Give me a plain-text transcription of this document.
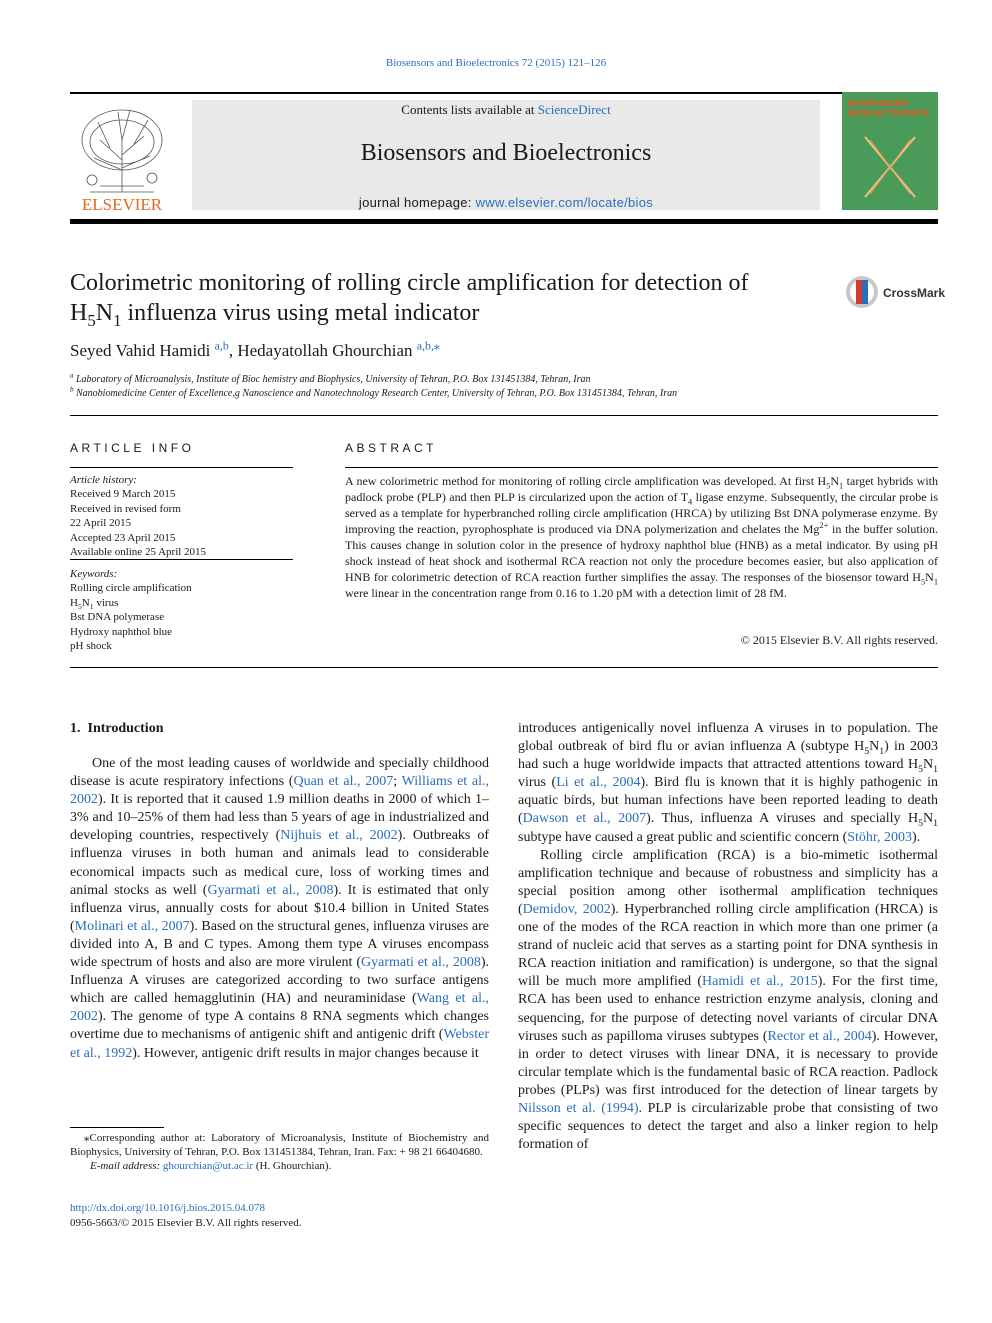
Biosensors and Bioelectronics 72 (2015) 121–126
ELSEVIER
Contents lists available at ScienceDirect
Biosensors and Bioelectronics
journal homepage: www.elsevier.com/locate/bios
BIOSENSORS BIOELECTRONICS
Colorimetric monitoring of rolling circle amplification for detection of
$H_5N_1$ influenza virus using metal indicator
CrossMark
Seyed Vahid Hamidi $^{a,b}$, Hedayatollah Ghourchian $^{a,b,⁎}$
$^a$ Laboratory of Microanalysis, Institute of Bioc hemistry and Biophysics, University of Tehran, P.O. Box 131451384, Tehran, Iran
$^b$ Nanobiomedicine Center of Excellence,g Nanoscience and Nanotechnology Research Center, University of Tehran, P.O. Box 131451384, Tehran, Iran
ARTICLE INFO
Article history:
Received 9 March 2015
Received in revised form
22 April 2015
Accepted 23 April 2015
Available online 25 April 2015
Keywords:
Rolling circle amplification
$H_5N_1$ virus
Bst DNA polymerase
Hydroxy naphthol blue
pH shock
ABSTRACT
A new colorimetric method for monitoring of rolling circle amplification was developed. At first $H_5N_1$ target hybrids with padlock probe (PLP) and then PLP is circularized upon the action of $T_4$ ligase enzyme. Subsequently, the circular probe is served as a template for hyperbranched rolling circle amplification (HRCA) by utilizing Bst DNA polymerase enzyme. By improving the reaction, pyrophosphate is produced via DNA polymerization and chelates the $Mg^{2+}$ in the buffer solution. This causes change in solution color in the presence of hydroxy naphthol blue (HNB) as a metal indicator. By using pH shock instead of heat shock and isothermal RCA reaction not only the procedure becomes easier, but also application of HNB for colorimetric detection of RCA reaction further simplifies the assay. The responses of the biosensor toward $H_5N_1$ were linear in the concentration range from 0.16 to 1.20 pM with a detection limit of 28 fM.
© 2015 Elsevier B.V. All rights reserved.
1. Introduction

One of the most leading causes of worldwide and specially childhood disease is acute respiratory infections (Quan et al., 2007; Williams et al., 2002). It is reported that it caused 1.9 million deaths in 2000 of which 1–3% and 10–25% of them had less than 5 years of age in industrialized and developing countries, respectively (Nijhuis et al., 2002). Outbreaks of influenza viruses in both human and animals lead to considerable economical impacts such as medical cure, loss of working times and animal stocks as well (Gyarmati et al., 2008). It is estimated that only influenza virus, annually costs for about $10.4 billion in United States (Molinari et al., 2007). Based on the structural genes, influenza viruses are divided into A, B and C types. Among them type A viruses encompass wide spectrum of hosts and also are more virulent (Gyarmati et al., 2008). Influenza A viruses are categorized according to two surface antigens which are called hemagglutinin (HA) and neuraminidase (Wang et al., 2002). The genome of type A contains 8 RNA segments which changes overtime due to mechanisms of antigenic shift and antigenic drift (Webster et al., 1992). However, antigenic drift results in major changes because it

introduces antigenically novel influenza A viruses in to population. The global outbreak of bird flu or avian influenza A (subtype $H_5N_1$) in 2003 had such a huge worldwide impacts that attracted attentions toward $H_5N_1$ virus (Li et al., 2004). Bird flu is known that it is highly pathogenic in aquatic birds, but human infections have been reported leading to death (Dawson et al., 2007). Thus, influenza A viruses and specially $H_5N_1$ subtype have caused a great public and scientific concern (Stöhr, 2003).

Rolling circle amplification (RCA) is a bio-mimetic isothermal amplification technique and because of robustness and simplicity has a special position among other isothermal amplification techniques (Demidov, 2002). Hyperbranched rolling circle amplification (HRCA) is one of the modes of the RCA reaction in which more than one primer (a strand of nucleic acid that serves as a starting point for DNA synthesis in RCA reaction initiation and ramification) is undergone, so that the signal will be much more amplified (Hamidi et al., 2015). For the first time, RCA has been used to enhance restriction enzyme analysis, cloning and sequencing, for the purpose of detecting novel variants of circular DNA viruses such as papilloma viruses subtypes (Rector et al., 2004). However, in order to detect viruses with linear DNA, it is necessary to provide circular template which is the fundamental basic of RCA reaction. Padlock probes (PLPs) was first introduced for the detection of linear targets by Nilsson et al. (1994). PLP is circularizable probe that consisting of two specific sequences to detect the target and also a linker region to help formation of

⁎Corresponding author at: Laboratory of Microanalysis, Institute of Biochemistry and Biophysics, University of Tehran, P.O. Box 131451384, Tehran, Iran. Fax: + 98 21 66404680.
E-mail address: ghourchian@ut.ac.ir (H. Ghourchian).
http://dx.doi.org/10.1016/j.bios.2015.04.078
0956-5663/© 2015 Elsevier B.V. All rights reserved.
